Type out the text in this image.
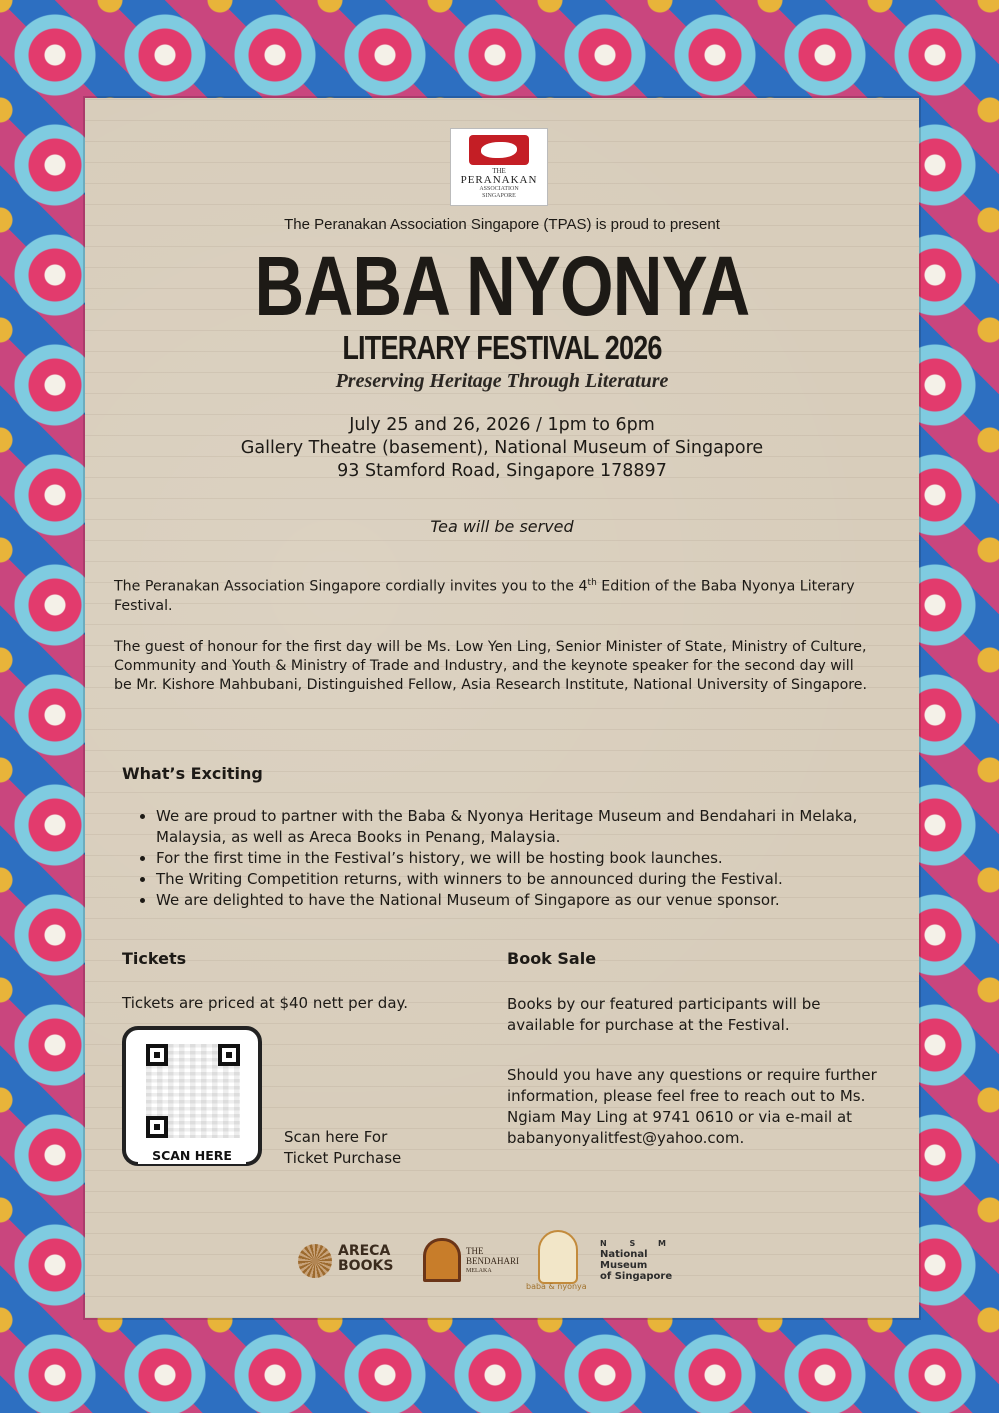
THE
PERANAKAN
ASSOCIATION
SINGAPORE
The Peranakan Association Singapore (TPAS) is proud to present
BABA NYONYA
LITERARY FESTIVAL 2026
Preserving Heritage Through Literature
July 25 and 26, 2026 / 1pm to 6pm
Gallery Theatre (basement), National Museum of Singapore
93 Stamford Road, Singapore 178897
Tea will be served
The Peranakan Association Singapore cordially invites you to the 4th Edition of the Baba Nyonya Literary Festival.
The guest of honour for the first day will be Ms. Low Yen Ling, Senior Minister of State, Ministry of Culture, Community and Youth & Ministry of Trade and Industry, and the keynote speaker for the second day will be Mr. Kishore Mahbubani, Distinguished Fellow, Asia Research Institute, National University of Singapore.
What’s Exciting
• We are proud to partner with the Baba & Nyonya Heritage Museum and Bendahari in Melaka, Malaysia, as well as Areca Books in Penang, Malaysia.
• For the first time in the Festival’s history, we will be hosting book launches.
• The Writing Competition returns, with winners to be announced during the Festival.
• We are delighted to have the National Museum of Singapore as our venue sponsor.
Tickets
Tickets are priced at $40 nett per day.
SCAN HERE
Scan here For
Ticket Purchase
Book Sale
Books by our featured participants will be available for purchase at the Festival.
Should you have any questions or require further information, please feel free to reach out to Ms. Ngiam May Ling at 9741 0610 or via e-mail at babanyonyalitfest@yahoo.com.
ARECA
BOOKS
THE
BENDAHARI
MELAKA
baba & nyonya
N S M
National Museum
of Singapore
